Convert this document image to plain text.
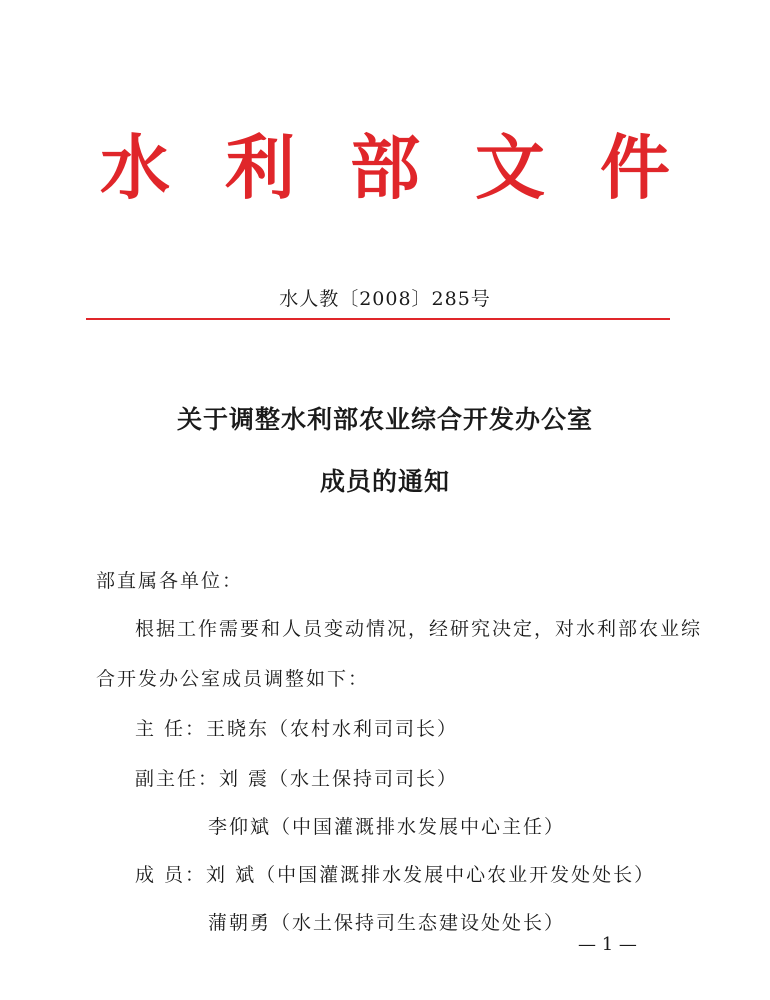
水 利 部 文 件
水人教〔2008〕285号
关于调整水利部农业综合开发办公室
成员的通知
部直属各单位：
根据工作需要和人员变动情况，经研究决定，对水利部农业综
合开发办公室成员调整如下：
主 任：王晓东（农村水利司司长）
副主任：刘 震（水土保持司司长）
李仰斌（中国灌溉排水发展中心主任）
成 员：刘 斌（中国灌溉排水发展中心农业开发处处长）
蒲朝勇（水土保持司生态建设处处长）
— 1 —
